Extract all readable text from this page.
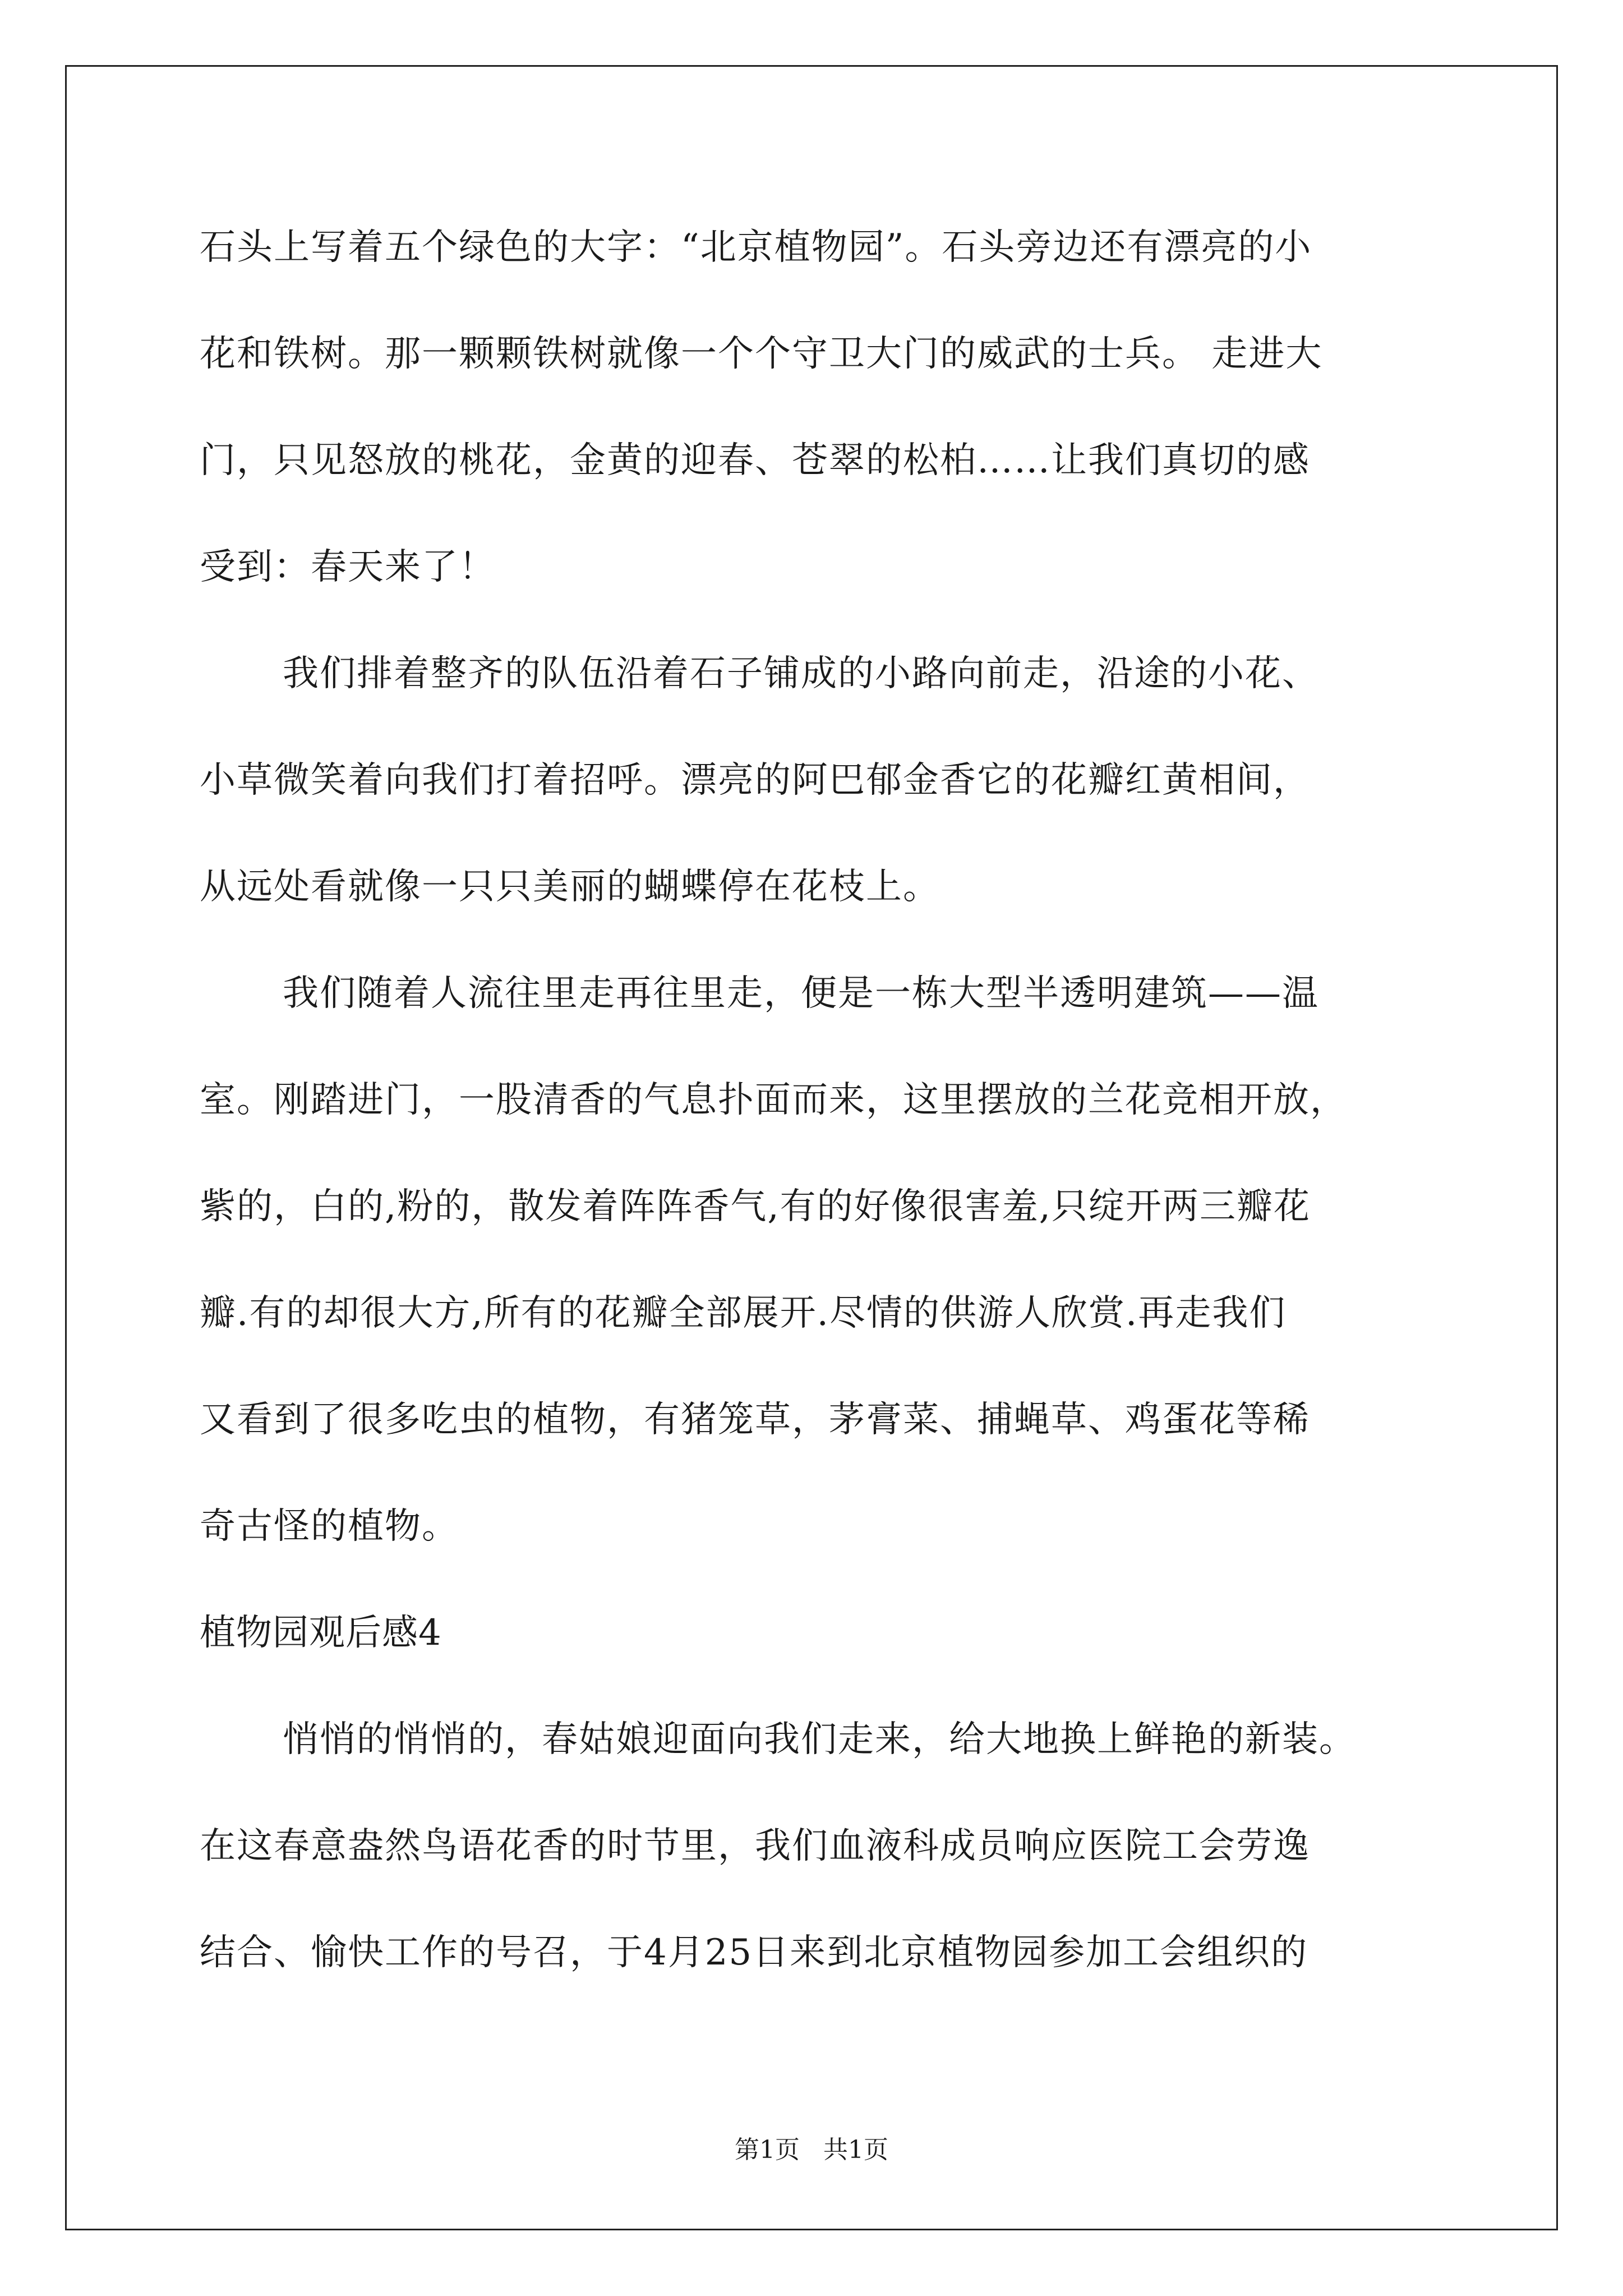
石头上写着五个绿色的大字：“北京植物园”。石头旁边还有漂亮的小
花和铁树。那一颗颗铁树就像一个个守卫大门的威武的士兵。 走进大
门，只见怒放的桃花，金黄的迎春、苍翠的松柏……让我们真切的感
受到：春天来了！
我们排着整齐的队伍沿着石子铺成的小路向前走，沿途的小花、
小草微笑着向我们打着招呼。漂亮的阿巴郁金香它的花瓣红黄相间，
从远处看就像一只只美丽的蝴蝶停在花枝上。
我们随着人流往里走再往里走，便是一栋大型半透明建筑——温
室。刚踏进门，一股清香的气息扑面而来，这里摆放的兰花竞相开放，
紫的，白的,粉的，散发着阵阵香气,有的好像很害羞,只绽开两三瓣花
瓣.有的却很大方,所有的花瓣全部展开.尽情的供游人欣赏.再走我们
又看到了很多吃虫的植物，有猪笼草，茅膏菜、捕蝇草、鸡蛋花等稀
奇古怪的植物。
植物园观后感4
悄悄的悄悄的，春姑娘迎面向我们走来，给大地换上鲜艳的新装。
在这春意盎然鸟语花香的时节里，我们血液科成员响应医院工会劳逸
结合、愉快工作的号召，于4月25日来到北京植物园参加工会组织的
第1页   共1页
